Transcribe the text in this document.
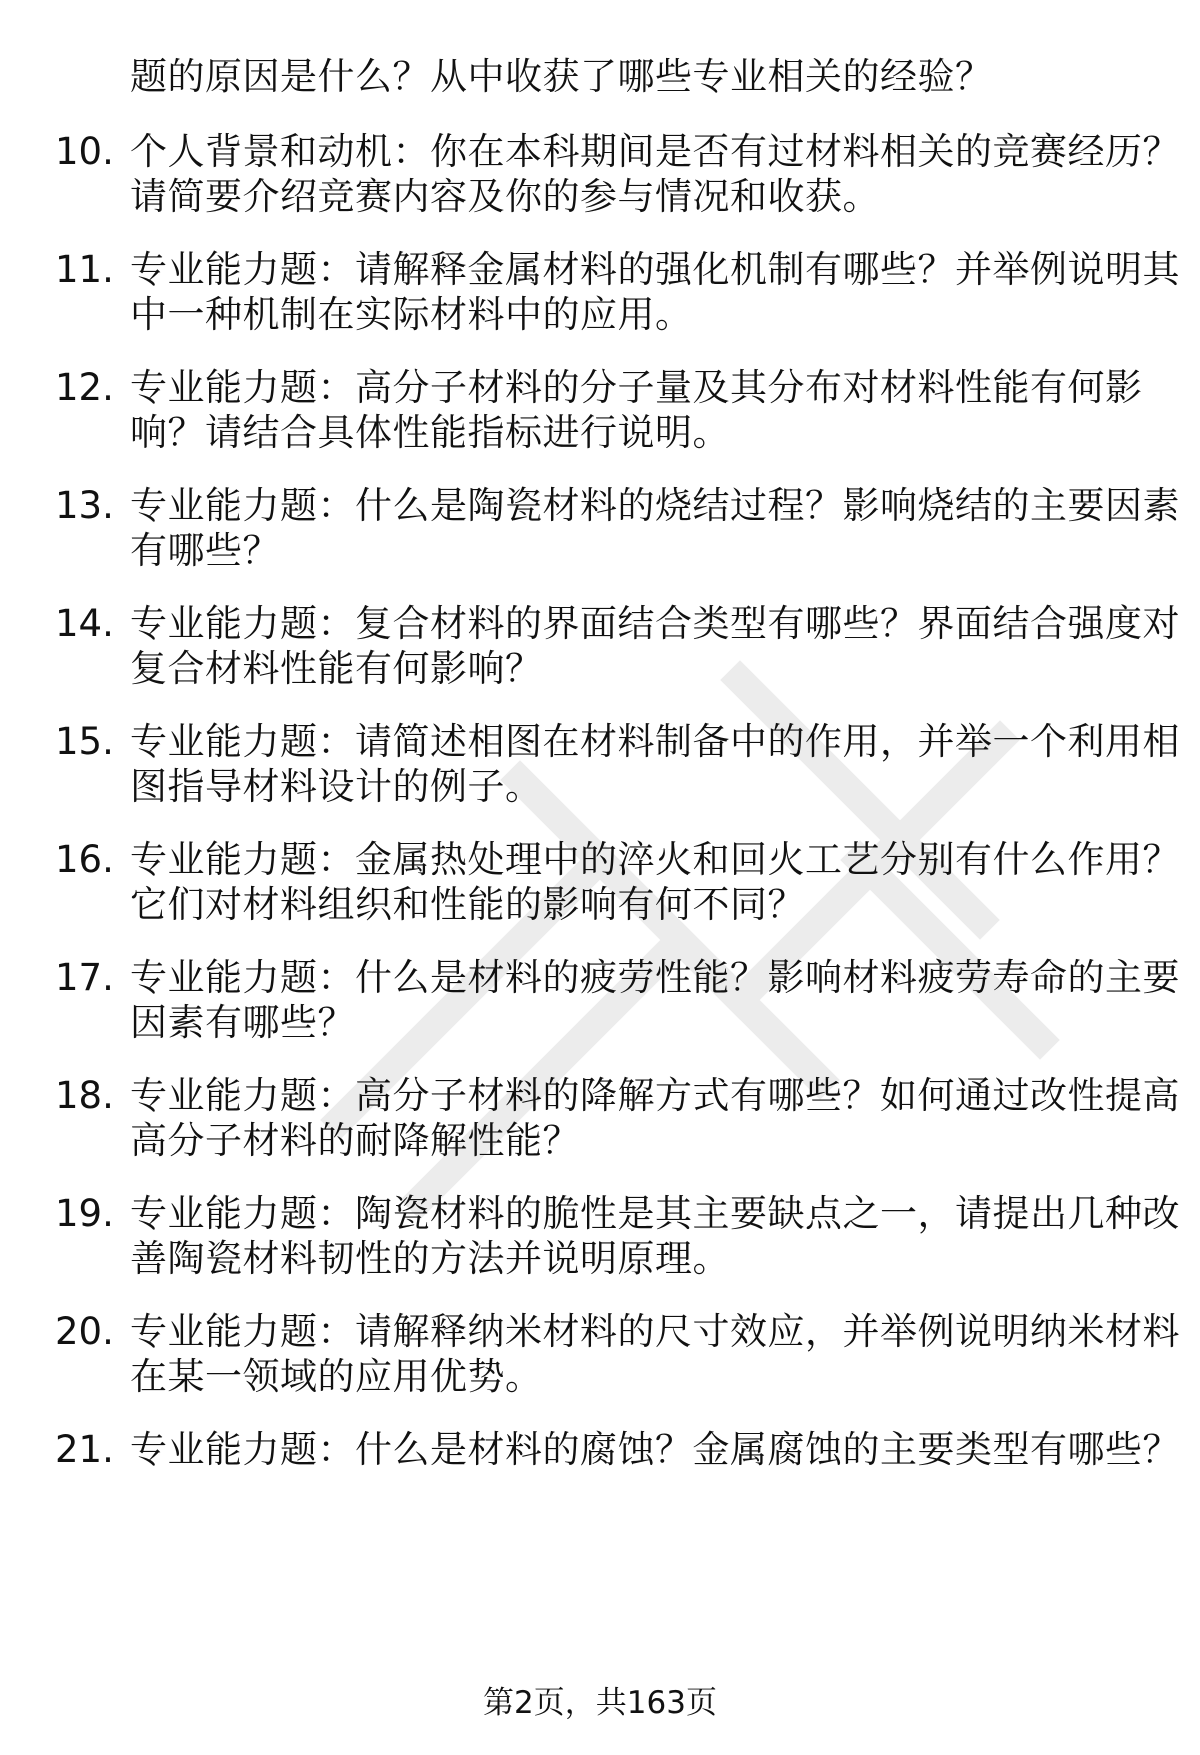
题的原因是什么？从中收获了哪些专业相关的经验？
10. 个人背景和动机：你在本科期间是否有过材料相关的竞赛经历？
请简要介绍竞赛内容及你的参与情况和收获。
11. 专业能力题：请解释金属材料的强化机制有哪些？并举例说明其
中一种机制在实际材料中的应用。
12. 专业能力题：高分子材料的分子量及其分布对材料性能有何影
响？请结合具体性能指标进行说明。
13. 专业能力题：什么是陶瓷材料的烧结过程？影响烧结的主要因素
有哪些？
14. 专业能力题：复合材料的界面结合类型有哪些？界面结合强度对
复合材料性能有何影响？
15. 专业能力题：请简述相图在材料制备中的作用，并举一个利用相
图指导材料设计的例子。
16. 专业能力题：金属热处理中的淬火和回火工艺分别有什么作用？
它们对材料组织和性能的影响有何不同？
17. 专业能力题：什么是材料的疲劳性能？影响材料疲劳寿命的主要
因素有哪些？
18. 专业能力题：高分子材料的降解方式有哪些？如何通过改性提高
高分子材料的耐降解性能？
19. 专业能力题：陶瓷材料的脆性是其主要缺点之一，请提出几种改
善陶瓷材料韧性的方法并说明原理。
20. 专业能力题：请解释纳米材料的尺寸效应，并举例说明纳米材料
在某一领域的应用优势。
21. 专业能力题：什么是材料的腐蚀？金属腐蚀的主要类型有哪些？
第2页，共163页
